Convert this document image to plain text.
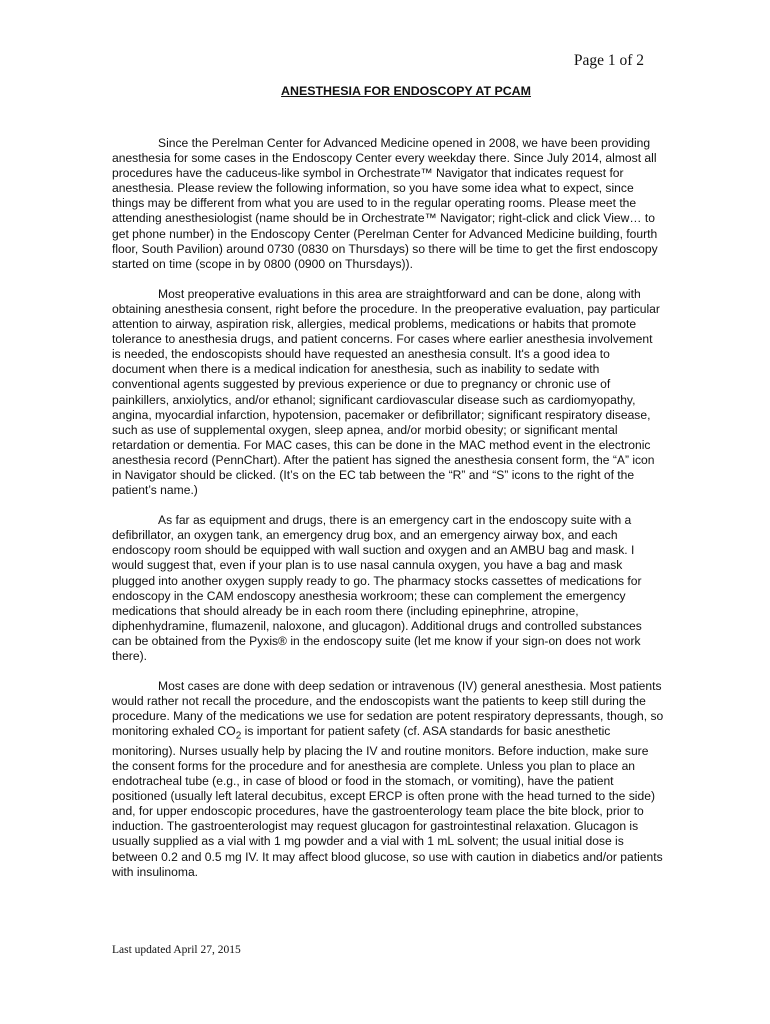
Page 1 of 2
ANESTHESIA FOR ENDOSCOPY AT PCAM

Since the Perelman Center for Advanced Medicine opened in 2008, we have been providing anesthesia for some cases in the Endoscopy Center every weekday there. Since July 2014, almost all procedures have the caduceus-like symbol in Orchestrate™ Navigator that indicates request for anesthesia. Please review the following information, so you have some idea what to expect, since things may be different from what you are used to in the regular operating rooms. Please meet the attending anesthesiologist (name should be in Orchestrate™ Navigator; right-click and click View… to get phone number) in the Endoscopy Center (Perelman Center for Advanced Medicine building, fourth floor, South Pavilion) around 0730 (0830 on Thursdays) so there will be time to get the first endoscopy started on time (scope in by 0800 (0900 on Thursdays)).

Most preoperative evaluations in this area are straightforward and can be done, along with obtaining anesthesia consent, right before the procedure. In the preoperative evaluation, pay particular attention to airway, aspiration risk, allergies, medical problems, medications or habits that promote tolerance to anesthesia drugs, and patient concerns. For cases where earlier anesthesia involvement is needed, the endoscopists should have requested an anesthesia consult. It's a good idea to document when there is a medical indication for anesthesia, such as inability to sedate with conventional agents suggested by previous experience or due to pregnancy or chronic use of painkillers, anxiolytics, and/or ethanol; significant cardiovascular disease such as cardiomyopathy, angina, myocardial infarction, hypotension, pacemaker or defibrillator; significant respiratory disease, such as use of supplemental oxygen, sleep apnea, and/or morbid obesity; or significant mental retardation or dementia. For MAC cases, this can be done in the MAC method event in the electronic anesthesia record (PennChart). After the patient has signed the anesthesia consent form, the “A” icon in Navigator should be clicked. (It’s on the EC tab between the “R” and “S” icons to the right of the patient’s name.)

As far as equipment and drugs, there is an emergency cart in the endoscopy suite with a defibrillator, an oxygen tank, an emergency drug box, and an emergency airway box, and each endoscopy room should be equipped with wall suction and oxygen and an AMBU bag and mask. I would suggest that, even if your plan is to use nasal cannula oxygen, you have a bag and mask plugged into another oxygen supply ready to go. The pharmacy stocks cassettes of medications for endoscopy in the CAM endoscopy anesthesia workroom; these can complement the emergency medications that should already be in each room there (including epinephrine, atropine, diphenhydramine, flumazenil, naloxone, and glucagon). Additional drugs and controlled substances can be obtained from the Pyxis® in the endoscopy suite (let me know if your sign-on does not work there).

Most cases are done with deep sedation or intravenous (IV) general anesthesia. Most patients would rather not recall the procedure, and the endoscopists want the patients to keep still during the procedure. Many of the medications we use for sedation are potent respiratory depressants, though, so monitoring exhaled $CO_2$ is important for patient safety (cf. ASA standards for basic anesthetic monitoring). Nurses usually help by placing the IV and routine monitors. Before induction, make sure the consent forms for the procedure and for anesthesia are complete. Unless you plan to place an endotracheal tube (e.g., in case of blood or food in the stomach, or vomiting), have the patient positioned (usually left lateral decubitus, except ERCP is often prone with the head turned to the side) and, for upper endoscopic procedures, have the gastroenterology team place the bite block, prior to induction. The gastroenterologist may request glucagon for gastrointestinal relaxation. Glucagon is usually supplied as a vial with 1 mg powder and a vial with 1 mL solvent; the usual initial dose is between 0.2 and 0.5 mg IV. It may affect blood glucose, so use with caution in diabetics and/or patients with insulinoma.

Last updated April 27, 2015
